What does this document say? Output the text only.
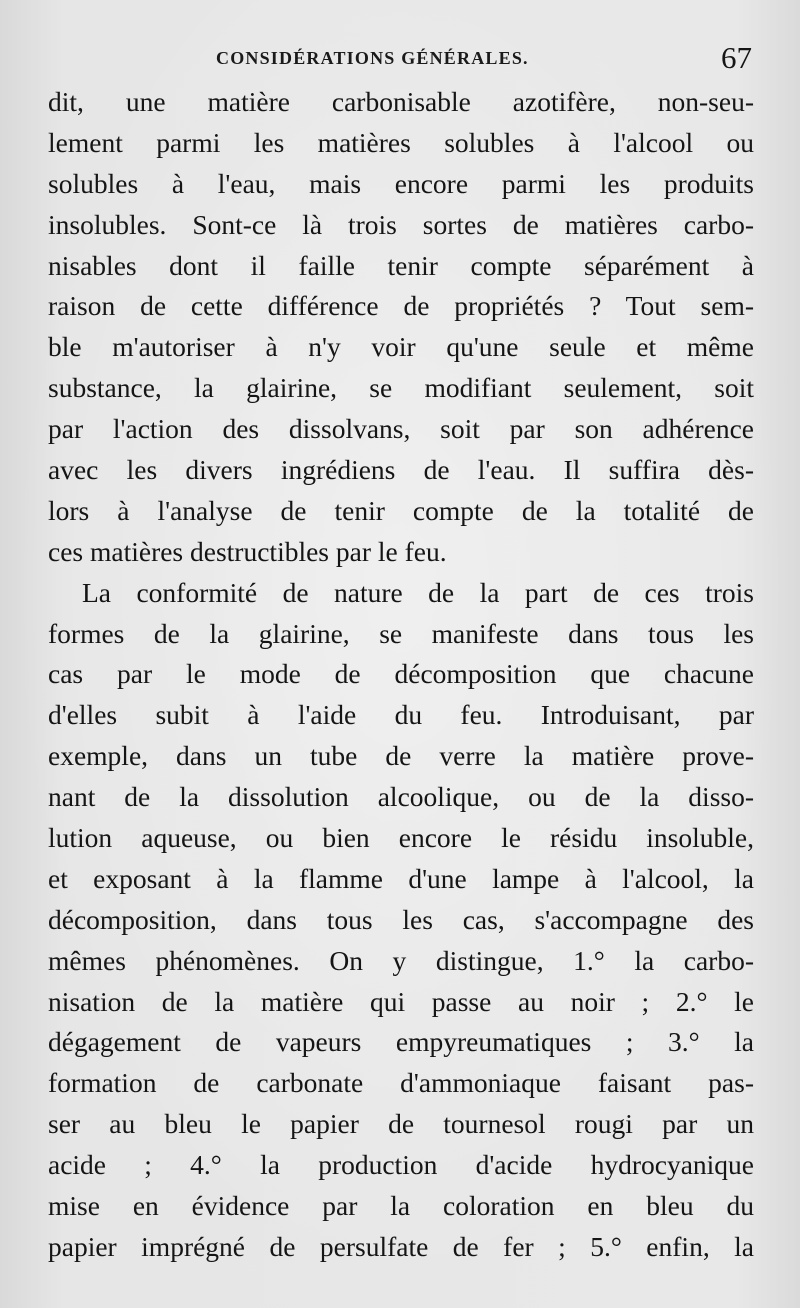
CONSIDÉRATIONS GÉNÉRALES.	67
dit, une matière carbonisable azotifère, non-seu-
lement parmi les matières solubles à l'alcool ou
solubles à l'eau, mais encore parmi les produits
insolubles. Sont-ce là trois sortes de matières carbo-
nisables dont il faille tenir compte séparément à
raison de cette différence de propriétés ? Tout sem-
ble m'autoriser à n'y voir qu'une seule et même
substance, la glairine, se modifiant seulement, soit
par l'action des dissolvans, soit par son adhérence
avec les divers ingrédiens de l'eau. Il suffira dès-
lors à l'analyse de tenir compte de la totalité de
ces matières destructibles par le feu.
La conformité de nature de la part de ces trois
formes de la glairine, se manifeste dans tous les
cas par le mode de décomposition que chacune
d'elles subit à l'aide du feu. Introduisant, par
exemple, dans un tube de verre la matière prove-
nant de la dissolution alcoolique, ou de la disso-
lution aqueuse, ou bien encore le résidu insoluble,
et exposant à la flamme d'une lampe à l'alcool, la
décomposition, dans tous les cas, s'accompagne des
mêmes phénomènes. On y distingue, 1.° la carbo-
nisation de la matière qui passe au noir ; 2.° le
dégagement de vapeurs empyreumatiques ; 3.° la
formation de carbonate d'ammoniaque faisant pas-
ser au bleu le papier de tournesol rougi par un
acide ; 4.° la production d'acide hydrocyanique
mise en évidence par la coloration en bleu du
papier imprégné de persulfate de fer ; 5.° enfin, la
